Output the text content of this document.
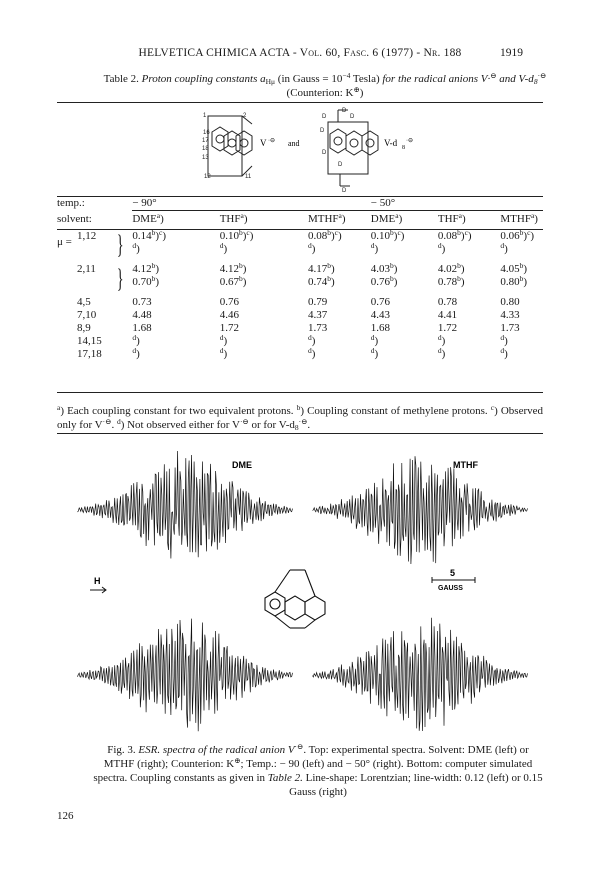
HELVETICA CHIMICA ACTA - Vol. 60, Fasc. 6 (1977) - Nr. 188	1919
Table 2. Proton coupling constants $a_{H\mu}$ (in Gauss = $10^{-4}$ Tesla) for the radical anions V·⊖ and $V-d_8^{\cdot⊖}$
(Counterion: K⊕)
1	2
16
17
18
13
12	11
D
D
D
D
D
D
D
V ·⊖ and	V-d 8
·⊖
temp.:	− 90°			− 50°		
solvent:	DME$^a$)	THF$^a$)	MTHF$^a$)	DME$^a$)	THF$^a$)	MTHF$^a$)
1,12	0.14$^b$)$^c$)	0.10$^b$)$^c$)	0.08$^b$)$^c$)	0.10$^b$)$^c$)	0.08$^b$)$^c$)	0.06$^b$)$^c$)
	$^d$)	$^d$)	$^d$)	$^d$)	$^d$)	$^d$)
2,11	4.12$^b$)	4.12$^b$)	4.17$^b$)	4.03$^b$)	4.02$^b$)	4.05$^b$)
	0.70$^b$)	0.67$^b$)	0.74$^b$)	0.76$^b$)	0.78$^b$)	0.80$^b$)
4,5	0.73	0.76	0.79	0.76	0.78	0.80
7,10	4.48	4.46	4.37	4.43	4.41	4.33
8,9	1.68	1.72	1.73	1.68	1.72	1.73
14,15	$^d$)	$^d$)	$^d$)	$^d$)	$^d$)	$^d$)
17,18	$^d$)	$^d$)	$^d$)	$^d$)	$^d$)	$^d$)
μ = }
}
$^a$) Each coupling constant for two equivalent protons. $^b$) Coupling constant of methylene protons. $^c$) Observed only for V·⊖. $^d$) Not observed either for V·⊖ or for $V-d_8^{\cdot⊖}$.
DME	MTHF
H
5
GAUSS
Fig. 3. ESR. spectra of the radical anion V·⊖. Top: experimental spectra. Solvent: DME (left) or MTHF (right); Counterion: K⊕; Temp.: − 90 (left) and − 50° (right). Bottom: computer simulated spectra. Coupling constants as given in Table 2. Line-shape: Lorentzian; line-width: 0.12 (left) or 0.15 Gauss (right)
126
